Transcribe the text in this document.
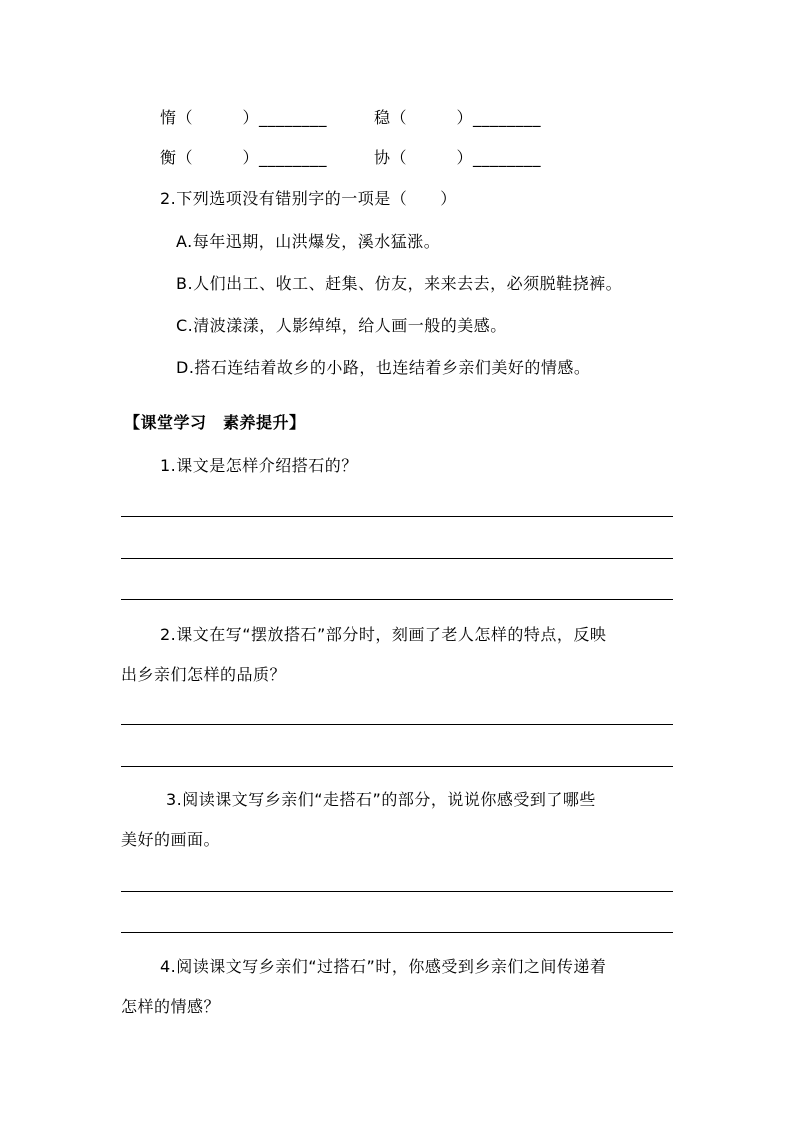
惰（　　　）________	稳（　　　）________
衡（　　　）________	协（　　　）________
2.下列选项没有错别字的一项是（　　）
A.每年迅期，山洪爆发，溪水猛涨。
B.人们出工、收工、赶集、仿友，来来去去，必须脱鞋挠裤。
C.清波漾漾，人影绰绰，给人画一般的美感。
D.搭石连结着故乡的小路，也连结着乡亲们美好的情感。
【课堂学习　素养提升】
1.课文是怎样介绍搭石的？
2.课文在写“摆放搭石”部分时，刻画了老人怎样的特点，反映
出乡亲们怎样的品质？
3.阅读课文写乡亲们“走搭石”的部分，说说你感受到了哪些
美好的画面。
4.阅读课文写乡亲们“过搭石”时，你感受到乡亲们之间传递着
怎样的情感？
